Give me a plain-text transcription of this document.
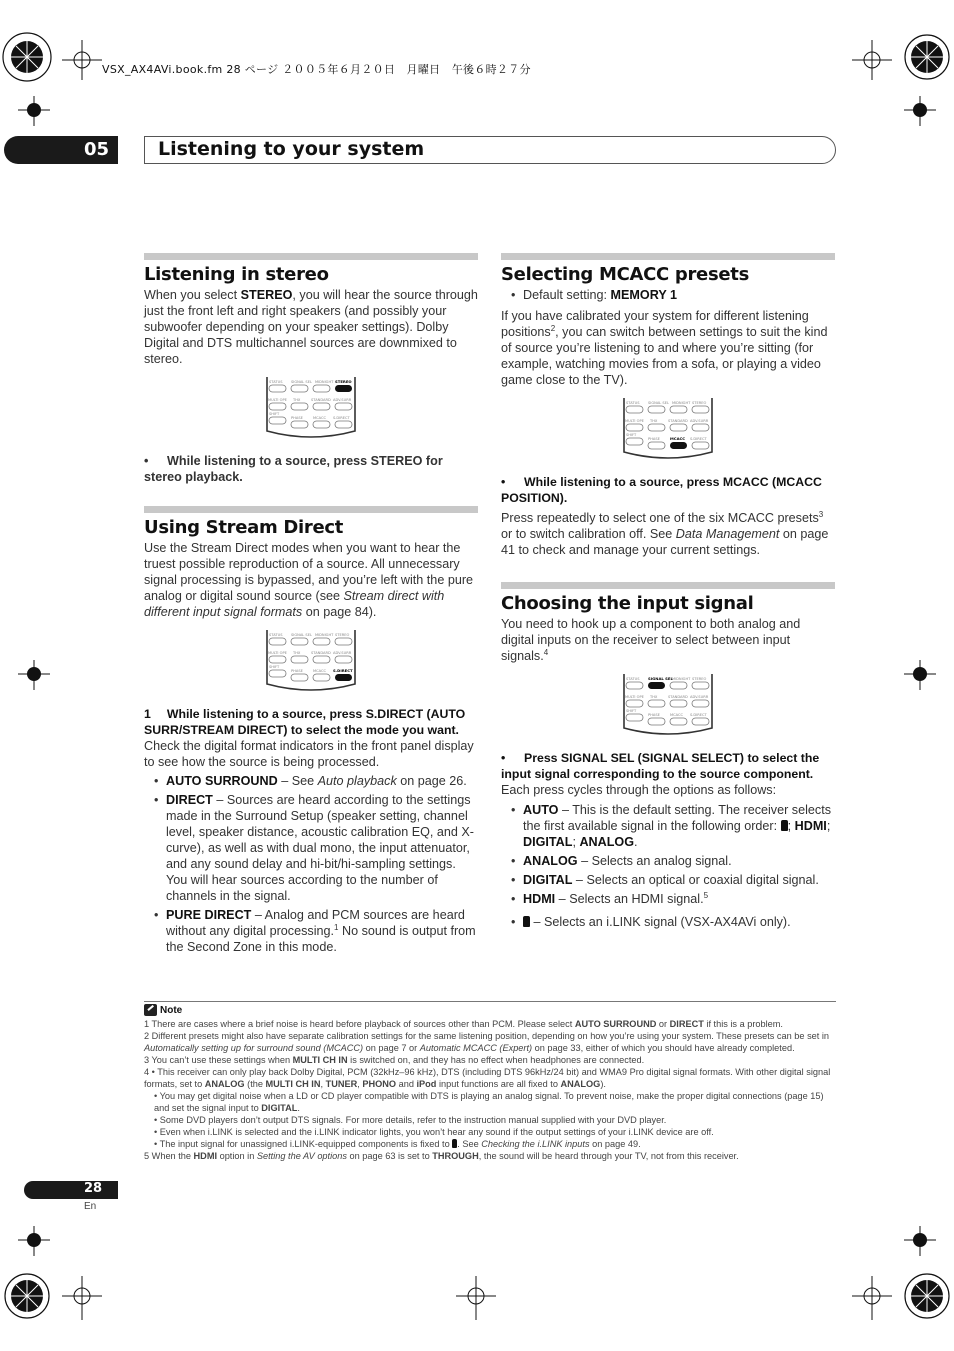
VSX_AX4AVi.book.fm 28 ページ ２００５年６月２０日　月曜日　午後６時２７分
05	Listening to your system
Listening in stereo

When you select STEREO, you will hear the source through just the front left and right speakers (and possibly your subwoofer depending on your speaker settings). Dolby Digital and DTS multichannel sources are downmixed to stereo.

STATUS SIGNAL SEL MIDNIGHT STEREO
MULTI OPE THX	STANDARD ADV.SURR
SHIFT
PHASE	MCACC S.DIRECT
• While listening to a source, press STEREO for stereo playback.
Using Stream Direct

Use the Stream Direct modes when you want to hear the truest possible reproduction of a source. All unnecessary signal processing is bypassed, and you’re left with the pure analog or digital sound source (see Stream direct with different input signal formats on page 84).

STATUS SIGNAL SEL MIDNIGHT STEREO
MULTI OPE THX	STANDARD ADV.SURR
SHIFT
PHASE	MCACC S.DIRECT
1 While listening to a source, press S.DIRECT (AUTO SURR/STREAM DIRECT) to select the mode you want.

Check the digital format indicators in the front panel display to see how the source is being processed.

• AUTO SURROUND – See Auto playback on page 26.
• DIRECT – Sources are heard according to the settings made in the Surround Setup (speaker setting, channel level, speaker distance, acoustic calibration EQ, and X-curve), as well as with dual mono, the input attenuator, and any sound delay and hi-bit/hi-sampling settings. You will hear sources according to the number of channels in the signal.
• PURE DIRECT – Analog and PCM sources are heard without any digital processing.$^1$ No sound is output from the Second Zone in this mode.
Selecting MCACC presets
• Default setting: MEMORY 1

If you have calibrated your system for different listening positions$^2$, you can switch between settings to suit the kind of source you’re listening to and where you’re sitting (for example, watching movies from a sofa, or playing a video game close to the TV).

STATUS SIGNAL SEL MIDNIGHT STEREO
MULTI OPE THX	STANDARD ADV.SURR
SHIFT
PHASE	MCACC S.DIRECT
• While listening to a source, press MCACC (MCACC POSITION).

Press repeatedly to select one of the six MCACC presets$^3$ or to switch calibration off. See Data Management on page 41 to check and manage your current settings.

Choosing the input signal

You need to hook up a component to both analog and digital inputs on the receiver to select between input signals.$^4$

STATUS SIGNAL SEL MIDNIGHT STEREO
MULTI OPE THX	STANDARD ADV.SURR
SHIFT
PHASE	MCACC S.DIRECT
• Press SIGNAL SEL (SIGNAL SELECT) to select the input signal corresponding to the source component.

Each press cycles through the options as follows:

• AUTO – This is the default setting. The receiver selects the first available signal in the following order: ; HDMI; DIGITAL; ANALOG.
• ANALOG – Selects an analog signal.
• DIGITAL – Selects an optical or coaxial digital signal.
• HDMI – Selects an HDMI signal.$^5$
• – Selects an i.LINK signal (VSX-AX4AVi only).
Note
1 There are cases where a brief noise is heard before playback of sources other than PCM. Please select AUTO SURROUND or DIRECT if this is a problem.
2 Different presets might also have separate calibration settings for the same listening position, depending on how you’re using your system. These presets can be set in Automatically setting up for surround sound (MCACC) on page 7 or Automatic MCACC (Expert) on page 33, either of which you should have already completed.
3 You can’t use these settings when MULTI CH IN is switched on, and they has no effect when headphones are connected.
4 • This receiver can only play back Dolby Digital, PCM (32kHz–96 kHz), DTS (including DTS 96kHz/24 bit) and WMA9 Pro digital signal formats. With other digital signal formats, set to ANALOG (the MULTI CH IN, TUNER, PHONO and iPod input functions are all fixed to ANALOG).
• You may get digital noise when a LD or CD player compatible with DTS is playing an analog signal. To prevent noise, make the proper digital connections (page 15) and set the signal input to DIGITAL.
• Some DVD players don’t output DTS signals. For more details, refer to the instruction manual supplied with your DVD player.
• Even when i.LINK is selected and the i.LINK indicator lights, you won’t hear any sound if the output settings of your i.LINK device are off.
• The input signal for unassigned i.LINK-equipped components is fixed to . See Checking the i.LINK inputs on page 49.
5 When the HDMI option in Setting the AV options on page 63 is set to THROUGH, the sound will be heard through your TV, not from this receiver.
28
En
